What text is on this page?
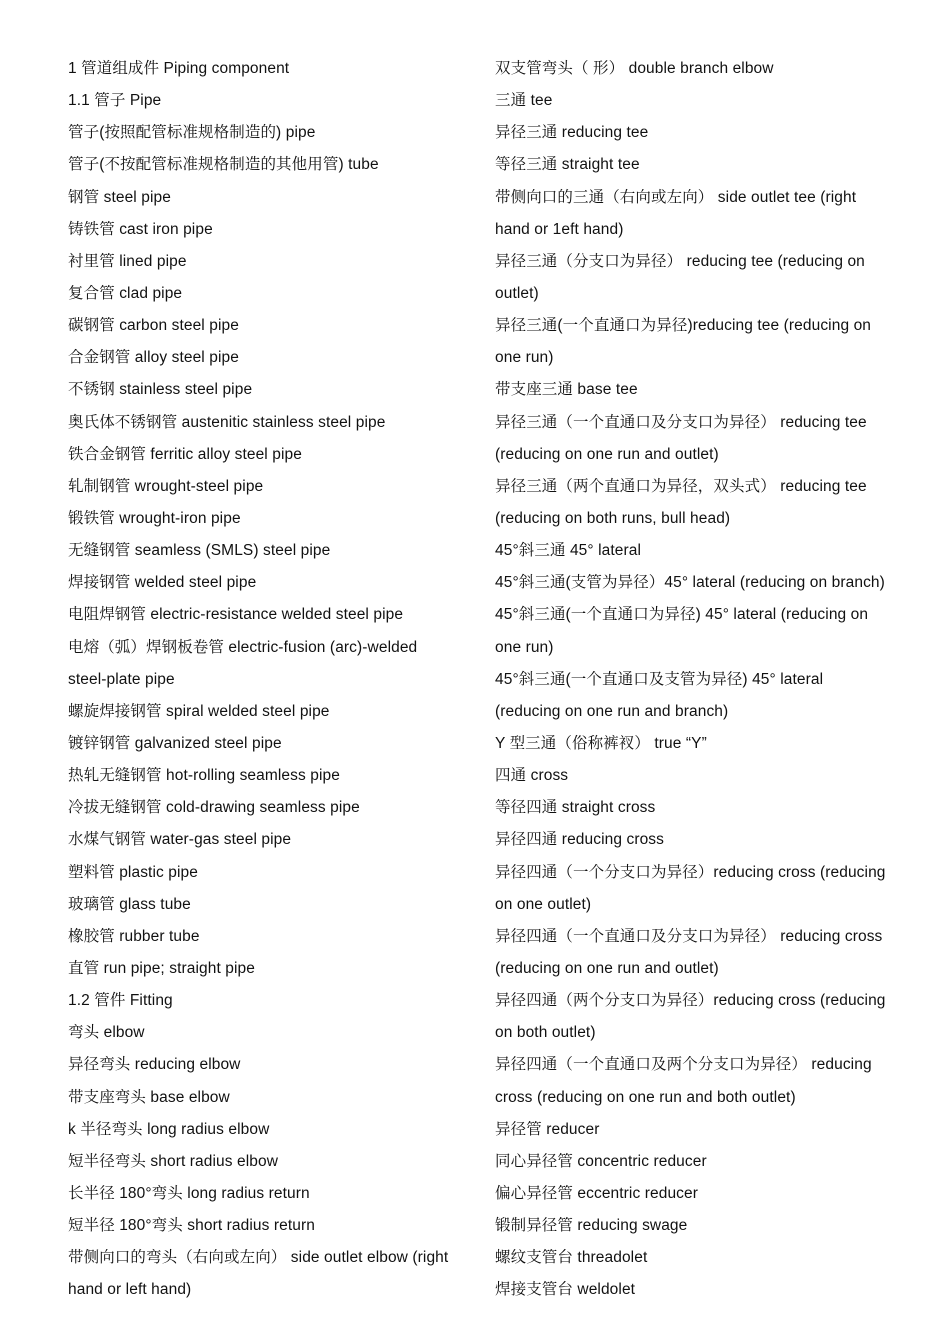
1 管道组成件 Piping component
1.1 管子 Pipe
管子(按照配管标准规格制造的) pipe
管子(不按配管标准规格制造的其他用管) tube
钢管 steel pipe
铸铁管 cast iron pipe
衬里管 lined pipe
复合管 clad pipe
碳钢管 carbon steel pipe
合金钢管 alloy steel pipe
不锈钢 stainless steel pipe
奥氏体不锈钢管 austenitic stainless steel pipe
铁合金钢管 ferritic alloy steel pipe
轧制钢管 wrought-steel pipe
锻铁管 wrought-iron pipe
无缝钢管 seamless (SMLS) steel pipe
焊接钢管 welded steel pipe
电阻焊钢管 electric-resistance welded steel pipe
电熔（弧）焊钢板卷管 electric-fusion (arc)-welded
steel-plate pipe
螺旋焊接钢管 spiral welded steel pipe
镀锌钢管 galvanized steel pipe
热轧无缝钢管 hot-rolling seamless pipe
冷拔无缝钢管 cold-drawing seamless pipe
水煤气钢管 water-gas steel pipe
塑料管 plastic pipe
玻璃管 glass tube
橡胶管 rubber tube
直管 run pipe; straight pipe
1.2 管件 Fitting
弯头 elbow
异径弯头 reducing elbow
带支座弯头 base elbow
k 半径弯头 long radius elbow
短半径弯头 short radius elbow
长半径 180°弯头 long radius return
短半径 180°弯头 short radius return
带侧向口的弯头（右向或左向） side outlet elbow (right
hand or left hand)
双支管弯头（ 形） double branch elbow
三通 tee
异径三通 reducing tee
等径三通 straight tee
带侧向口的三通（右向或左向） side outlet tee (right
hand or 1eft hand)
异径三通（分支口为异径） reducing tee (reducing on
outlet)
异径三通(一个直通口为异径)reducing tee (reducing on
one run)
带支座三通 base tee
异径三通（一个直通口及分支口为异径） reducing tee
(reducing on one run and outlet)
异径三通（两个直通口为异径，双头式） reducing tee
(reducing on both runs, bull head)
45°斜三通 45° lateral
45°斜三通(支管为异径）45° lateral (reducing on branch)
45°斜三通(一个直通口为异径) 45° lateral (reducing on
one run)
45°斜三通(一个直通口及支管为异径) 45° lateral
(reducing on one run and branch)
Y 型三通（俗称裤衩） true “Y”
四通 cross
等径四通 straight cross
异径四通 reducing cross
异径四通（一个分支口为异径）reducing cross (reducing
on one outlet)
异径四通（一个直通口及分支口为异径） reducing cross
(reducing on one run and outlet)
异径四通（两个分支口为异径）reducing cross (reducing
on both outlet)
异径四通（一个直通口及两个分支口为异径） reducing
cross (reducing on one run and both outlet)
异径管 reducer
同心异径管 concentric reducer
偏心异径管 eccentric reducer
锻制异径管 reducing swage
螺纹支管台 threadolet
焊接支管台 weldolet
